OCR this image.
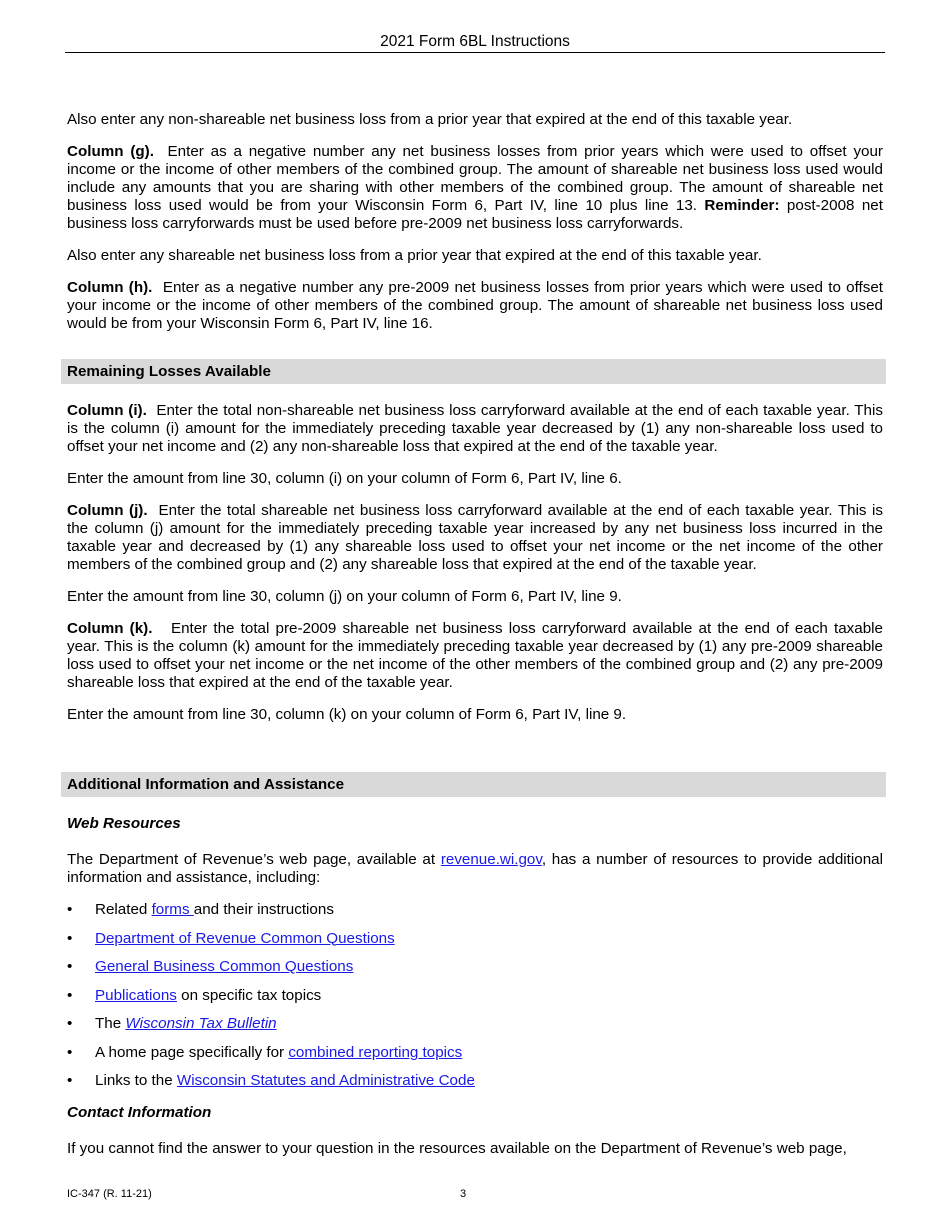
2021 Form 6BL Instructions

Also enter any non-shareable net business loss from a prior year that expired at the end of this taxable year.

Column (g). Enter as a negative number any net business losses from prior years which were used to offset your income or the income of other members of the combined group. The amount of shareable net business loss used would include any amounts that you are sharing with other members of the combined group. The amount of shareable net business loss used would be from your Wisconsin Form 6, Part IV, line 10 plus line 13. Reminder: post-2008 net business loss carryforwards must be used before pre-2009 net business loss carryforwards.

Also enter any shareable net business loss from a prior year that expired at the end of this taxable year.

Column (h). Enter as a negative number any pre-2009 net business losses from prior years which were used to offset your income or the income of other members of the combined group. The amount of shareable net business loss used would be from your Wisconsin Form 6, Part IV, line 16.

Remaining Losses Available

Column (i). Enter the total non-shareable net business loss carryforward available at the end of each taxable year. This is the column (i) amount for the immediately preceding taxable year decreased by (1) any non-shareable loss used to offset your net income and (2) any non-shareable loss that expired at the end of the taxable year.

Enter the amount from line 30, column (i) on your column of Form 6, Part IV, line 6.

Column (j). Enter the total shareable net business loss carryforward available at the end of each taxable year. This is the column (j) amount for the immediately preceding taxable year increased by any net business loss incurred in the taxable year and decreased by (1) any shareable loss used to offset your net income or the net income of the other members of the combined group and (2) any shareable loss that expired at the end of the taxable year.

Enter the amount from line 30, column (j) on your column of Form 6, Part IV, line 9.

Column (k). Enter the total pre-2009 shareable net business loss carryforward available at the end of each taxable year. This is the column (k) amount for the immediately preceding taxable year decreased by (1) any pre-2009 shareable loss used to offset your net income or the net income of the other members of the combined group and (2) any pre-2009 shareable loss that expired at the end of the taxable year.

Enter the amount from line 30, column (k) on your column of Form 6, Part IV, line 9.

Additional Information and Assistance
Web Resources

The Department of Revenue’s web page, available at revenue.wi.gov, has a number of resources to provide additional information and assistance, including:

• Related forms and their instructions
• Department of Revenue Common Questions
• General Business Common Questions
• Publications on specific tax topics
• The Wisconsin Tax Bulletin
• A home page specifically for combined reporting topics
• Links to the Wisconsin Statutes and Administrative Code
Contact Information

If you cannot find the answer to your question in the resources available on the Department of Revenue’s web page,

IC-347 (R. 11-21)	3
